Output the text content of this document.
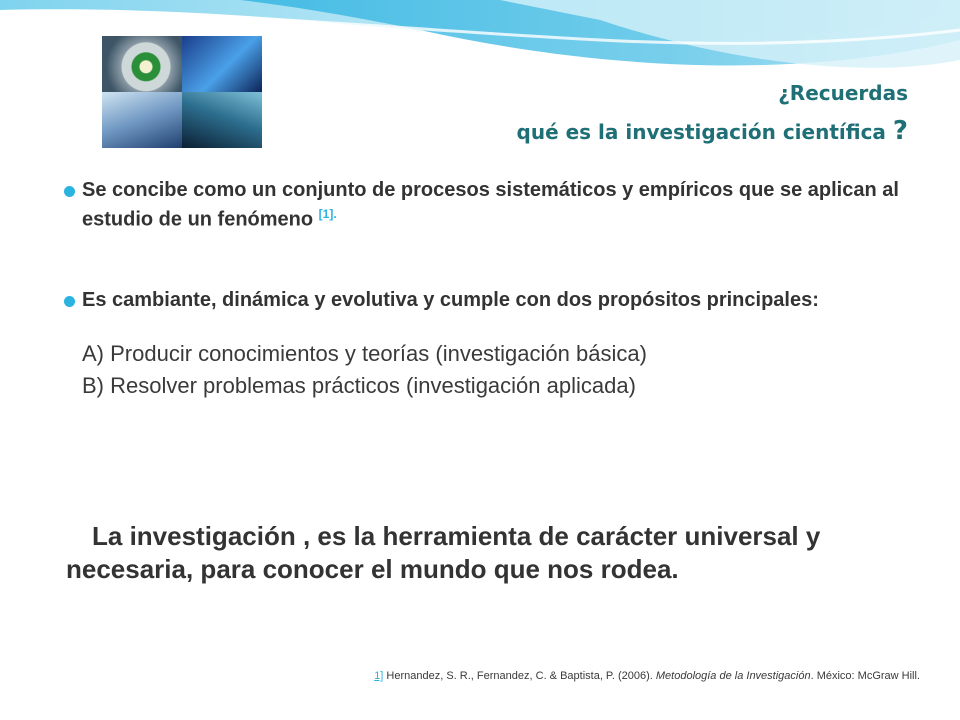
¿Recuerdas
qué es la investigación científica ?

Se concibe como un conjunto de procesos sistemáticos y empíricos que se aplican al estudio de un fenómeno $^{[1].}$

Es cambiante, dinámica y evolutiva y cumple con dos propósitos principales:

A) Producir conocimientos y teorías (investigación básica)
B) Resolver problemas prácticos (investigación aplicada)
La investigación , es la herramienta de carácter universal y necesaria, para conocer el mundo que nos rodea.
1] Hernandez, S. R., Fernandez, C. & Baptista, P. (2006). Metodología de la Investigación. México: McGraw Hill.
